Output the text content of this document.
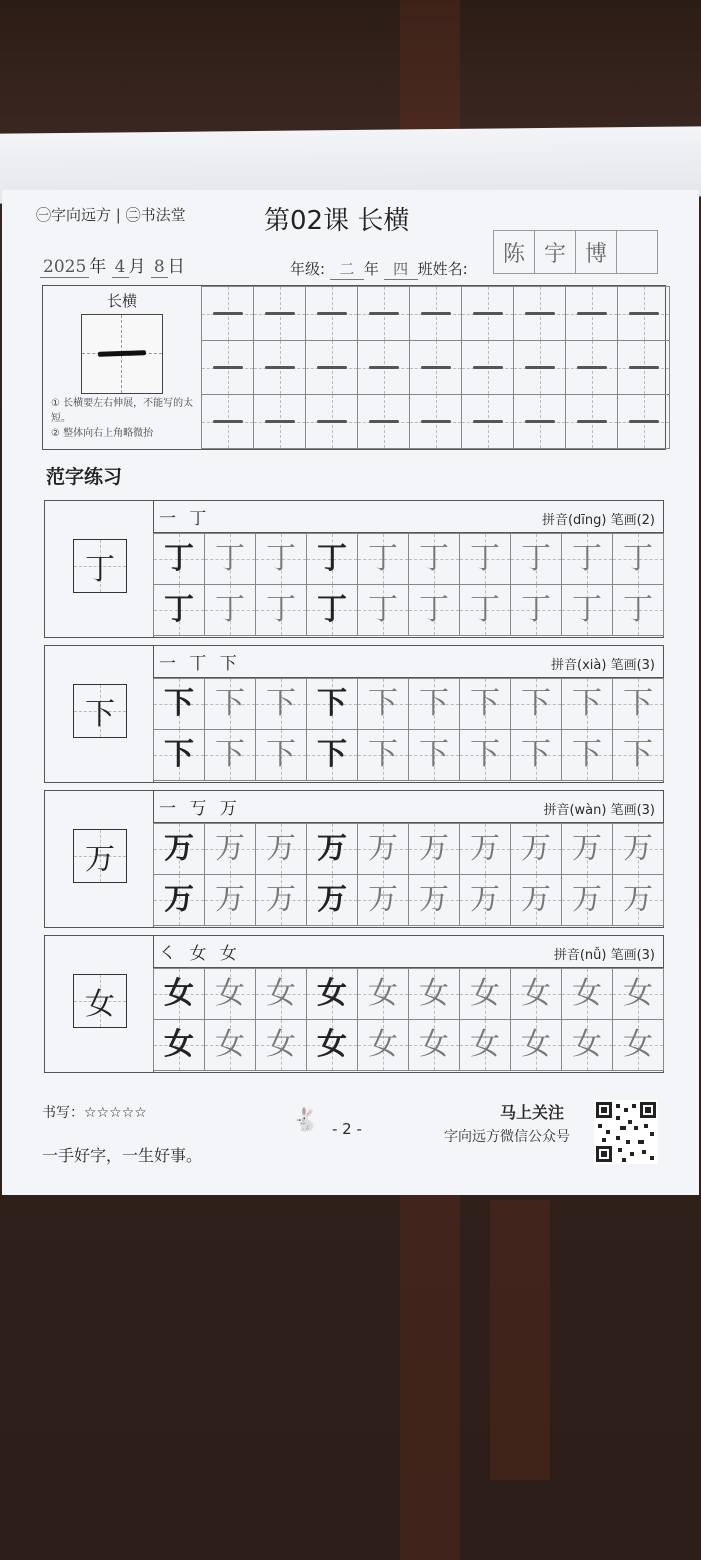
㊀字向远方 | ㊁书法堂	第02课 长横
2025 年 4 月 8 日	年级: 二 年 四 班姓名:
陈 宇 博
长横
① 长横要左右伸展，不能写的太短。
② 整体向右上角略微抬
范字练习
丁
一 丁	拼音(dīng) 笔画(2)
丁 丁 丁 丁 丁 丁 丁 丁 丁 丁
丁 丁 丁 丁 丁 丁 丁 丁 丁 丁
下
一 丅 下	拼音(xià) 笔画(3)
下 下 下 下 下 下 下 下 下 下
下 下 下 下 下 下 下 下 下 下
万
一 丂 万	拼音(wàn) 笔画(3)
万 万 万 万 万 万 万 万 万 万
万 万 万 万 万 万 万 万 万 万
女
㇛ 女 女	拼音(nǚ) 笔画(3)
女 女 女 女 女 女 女 女 女 女
女 女 女 女 女 女 女 女 女 女
书写：☆☆☆☆☆	🐇 - 2 -
马上关注
字向远方微信公众号
一手好字，一生好事。
